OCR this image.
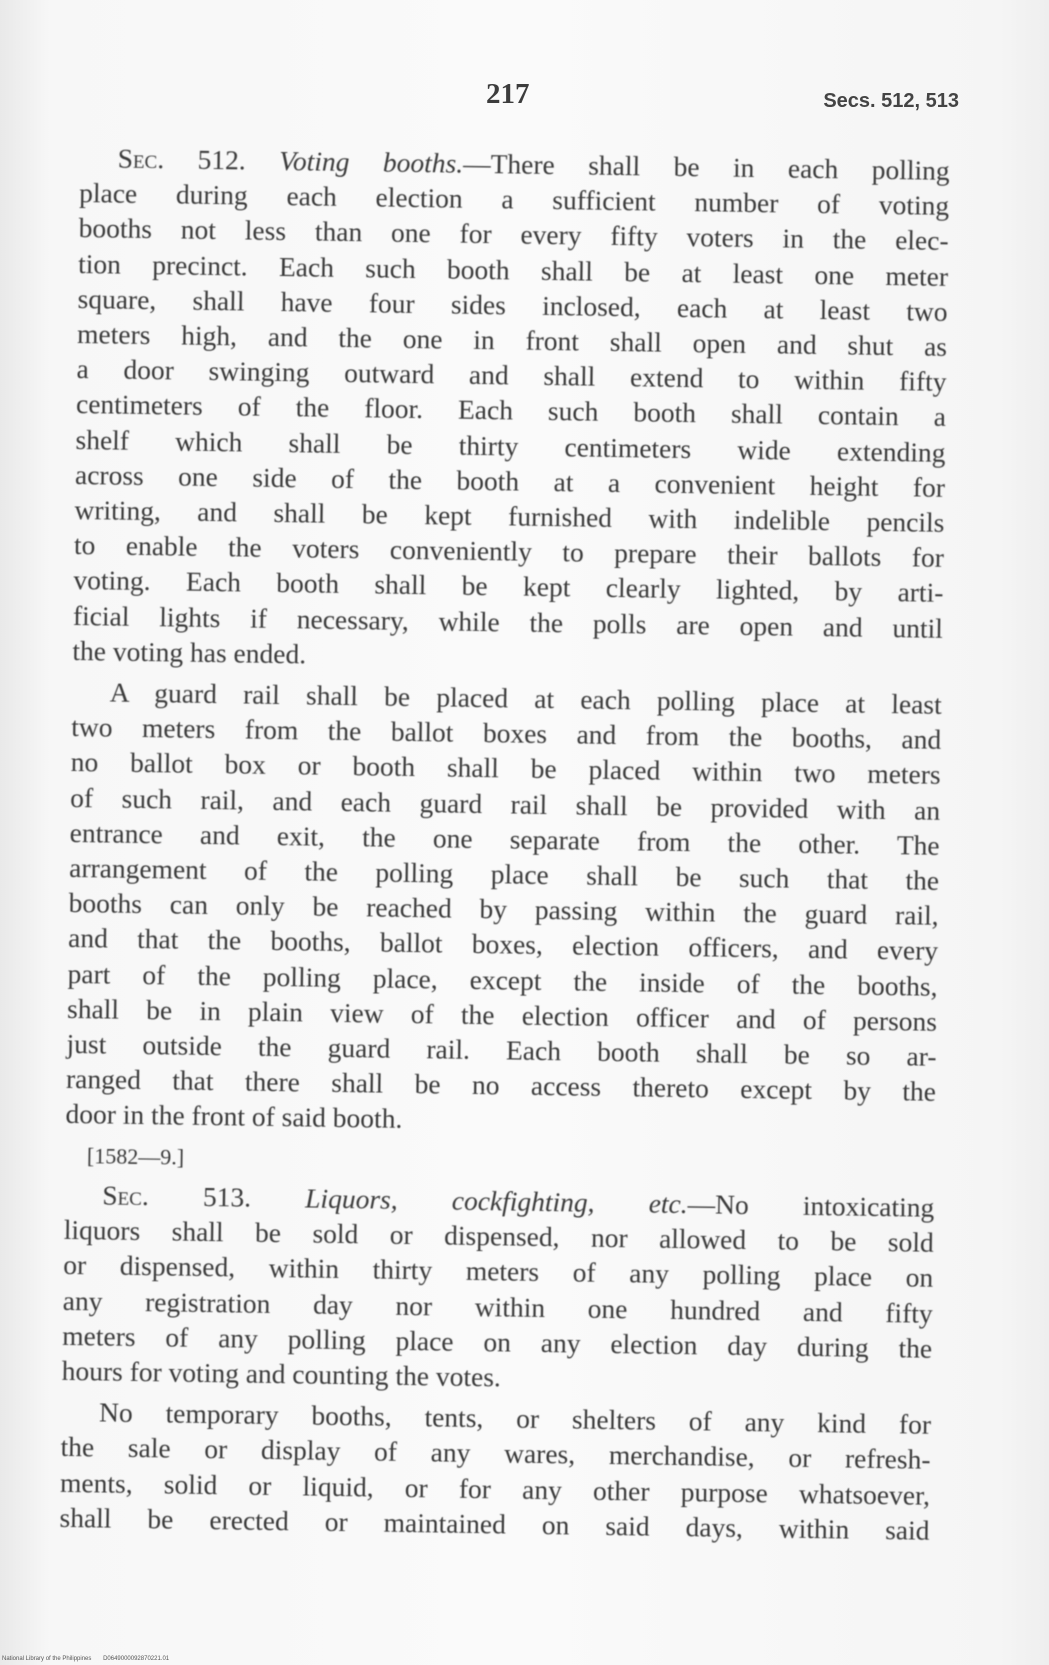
217	Secs. 512, 513

Sec. 512. Voting booths.—There shall be in each polling
place during each election a sufficient number of voting
booths not less than one for every fifty voters in the elec-
tion precinct. Each such booth shall be at least one meter
square, shall have four sides inclosed, each at least two
meters high, and the one in front shall open and shut as
a door swinging outward and shall extend to within fifty
centimeters of the floor. Each such booth shall contain a
shelf which shall be thirty centimeters wide extending
across one side of the booth at a convenient height for
writing, and shall be kept furnished with indelible pencils
to enable the voters conveniently to prepare their ballots for
voting. Each booth shall be kept clearly lighted, by arti-
ficial lights if necessary, while the polls are open and until
the voting has ended.

A guard rail shall be placed at each polling place at least
two meters from the ballot boxes and from the booths, and
no ballot box or booth shall be placed within two meters
of such rail, and each guard rail shall be provided with an
entrance and exit, the one separate from the other. The
arrangement of the polling place shall be such that the
booths can only be reached by passing within the guard rail,
and that the booths, ballot boxes, election officers, and every
part of the polling place, except the inside of the booths,
shall be in plain view of the election officer and of persons
just outside the guard rail. Each booth shall be so ar-
ranged that there shall be no access thereto except by the
door in the front of said booth.

[1582—9.]

Sec. 513. Liquors, cockfighting, etc.—No intoxicating
liquors shall be sold or dispensed, nor allowed to be sold
or dispensed, within thirty meters of any polling place on
any registration day nor within one hundred and fifty
meters of any polling place on any election day during the
hours for voting and counting the votes.

No temporary booths, tents, or shelters of any kind for
the sale or display of any wares, merchandise, or refresh-
ments, solid or liquid, or for any other purpose whatsoever,
shall be erected or maintained on said days, within said

National Library of the Philippines D0649000092870221.01
